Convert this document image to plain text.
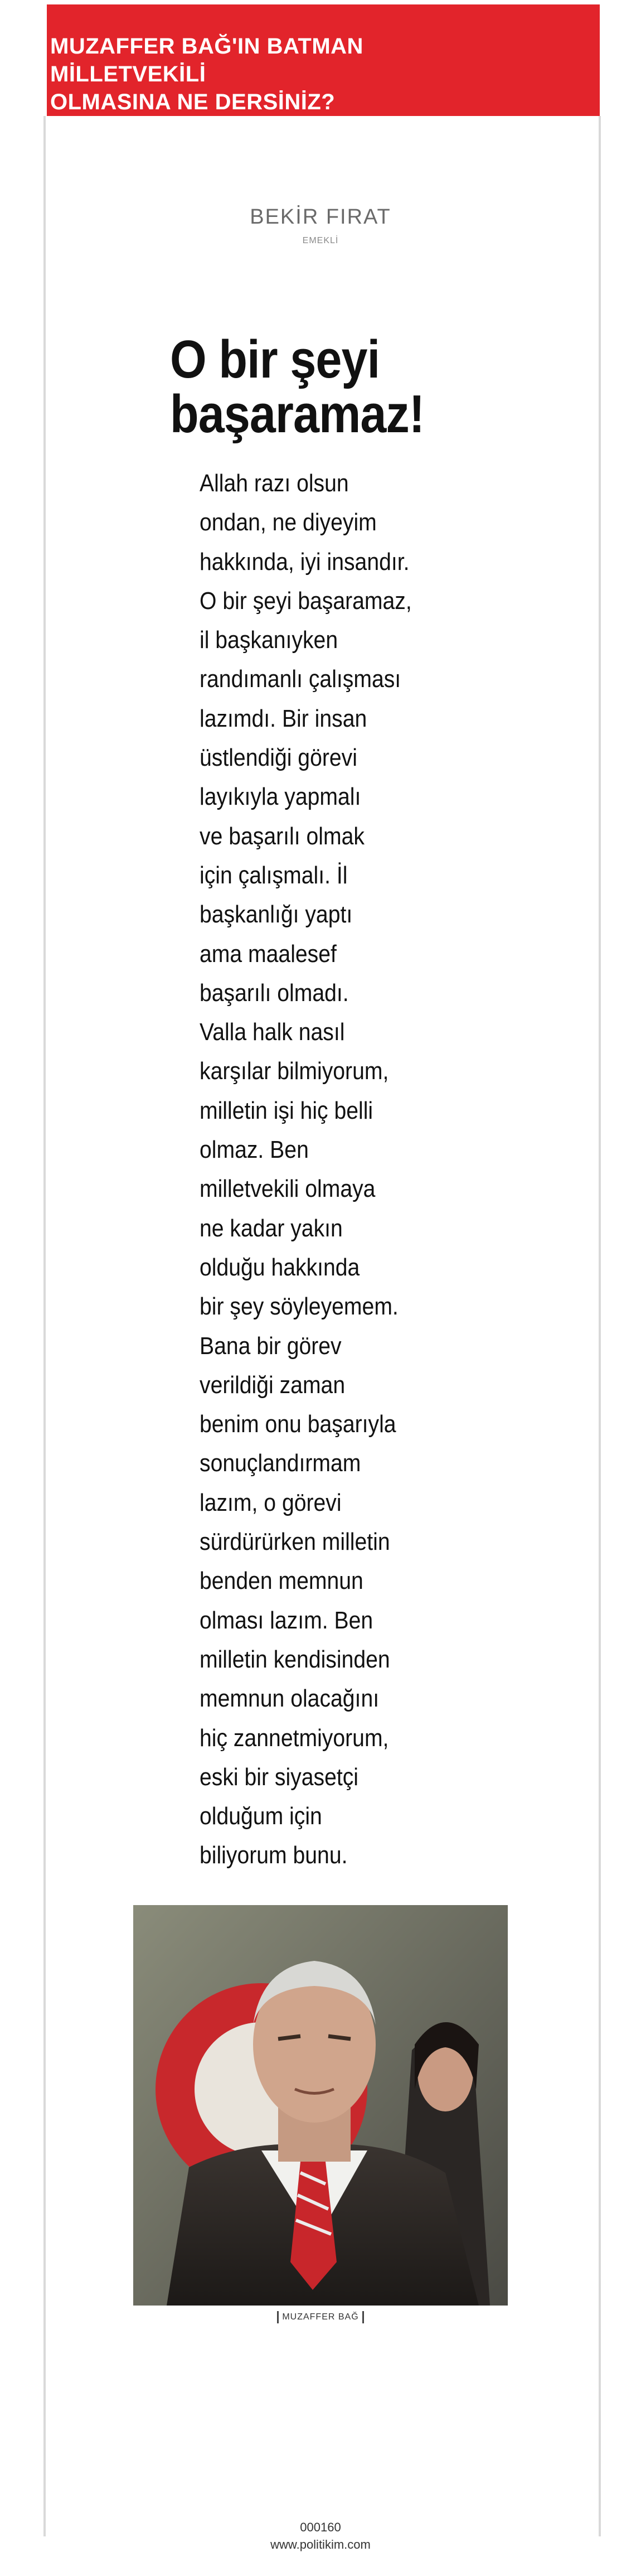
MUZAFFER BAĞ'IN BATMAN MİLLETVEKİLİ
OLMASINA NE DERSİNİZ?
BEKİR FIRAT
EMEKLİ
O bir şeyi
başaramaz!
Allah razı olsun
ondan, ne diyeyim
hakkında, iyi insandır.
O bir şeyi başaramaz,
il başkanıyken
randımanlı çalışması
lazımdı. Bir insan
üstlendiği görevi
layıkıyla yapmalı
ve başarılı olmak
için çalışmalı. İl
başkanlığı yaptı
ama maalesef
başarılı olmadı.
Valla halk nasıl
karşılar bilmiyorum,
milletin işi hiç belli
olmaz. Ben
milletvekili olmaya
ne kadar yakın
olduğu hakkında
bir şey söyleyemem.
Bana bir görev
verildiği zaman
benim onu başarıyla
sonuçlandırmam
lazım, o görevi
sürdürürken milletin
benden memnun
olması lazım. Ben
milletin kendisinden
memnun olacağını
hiç zannetmiyorum,
eski bir siyasetçi
olduğum için
biliyorum bunu.
MUZAFFER BAĞ
000160
www.politikim.com
